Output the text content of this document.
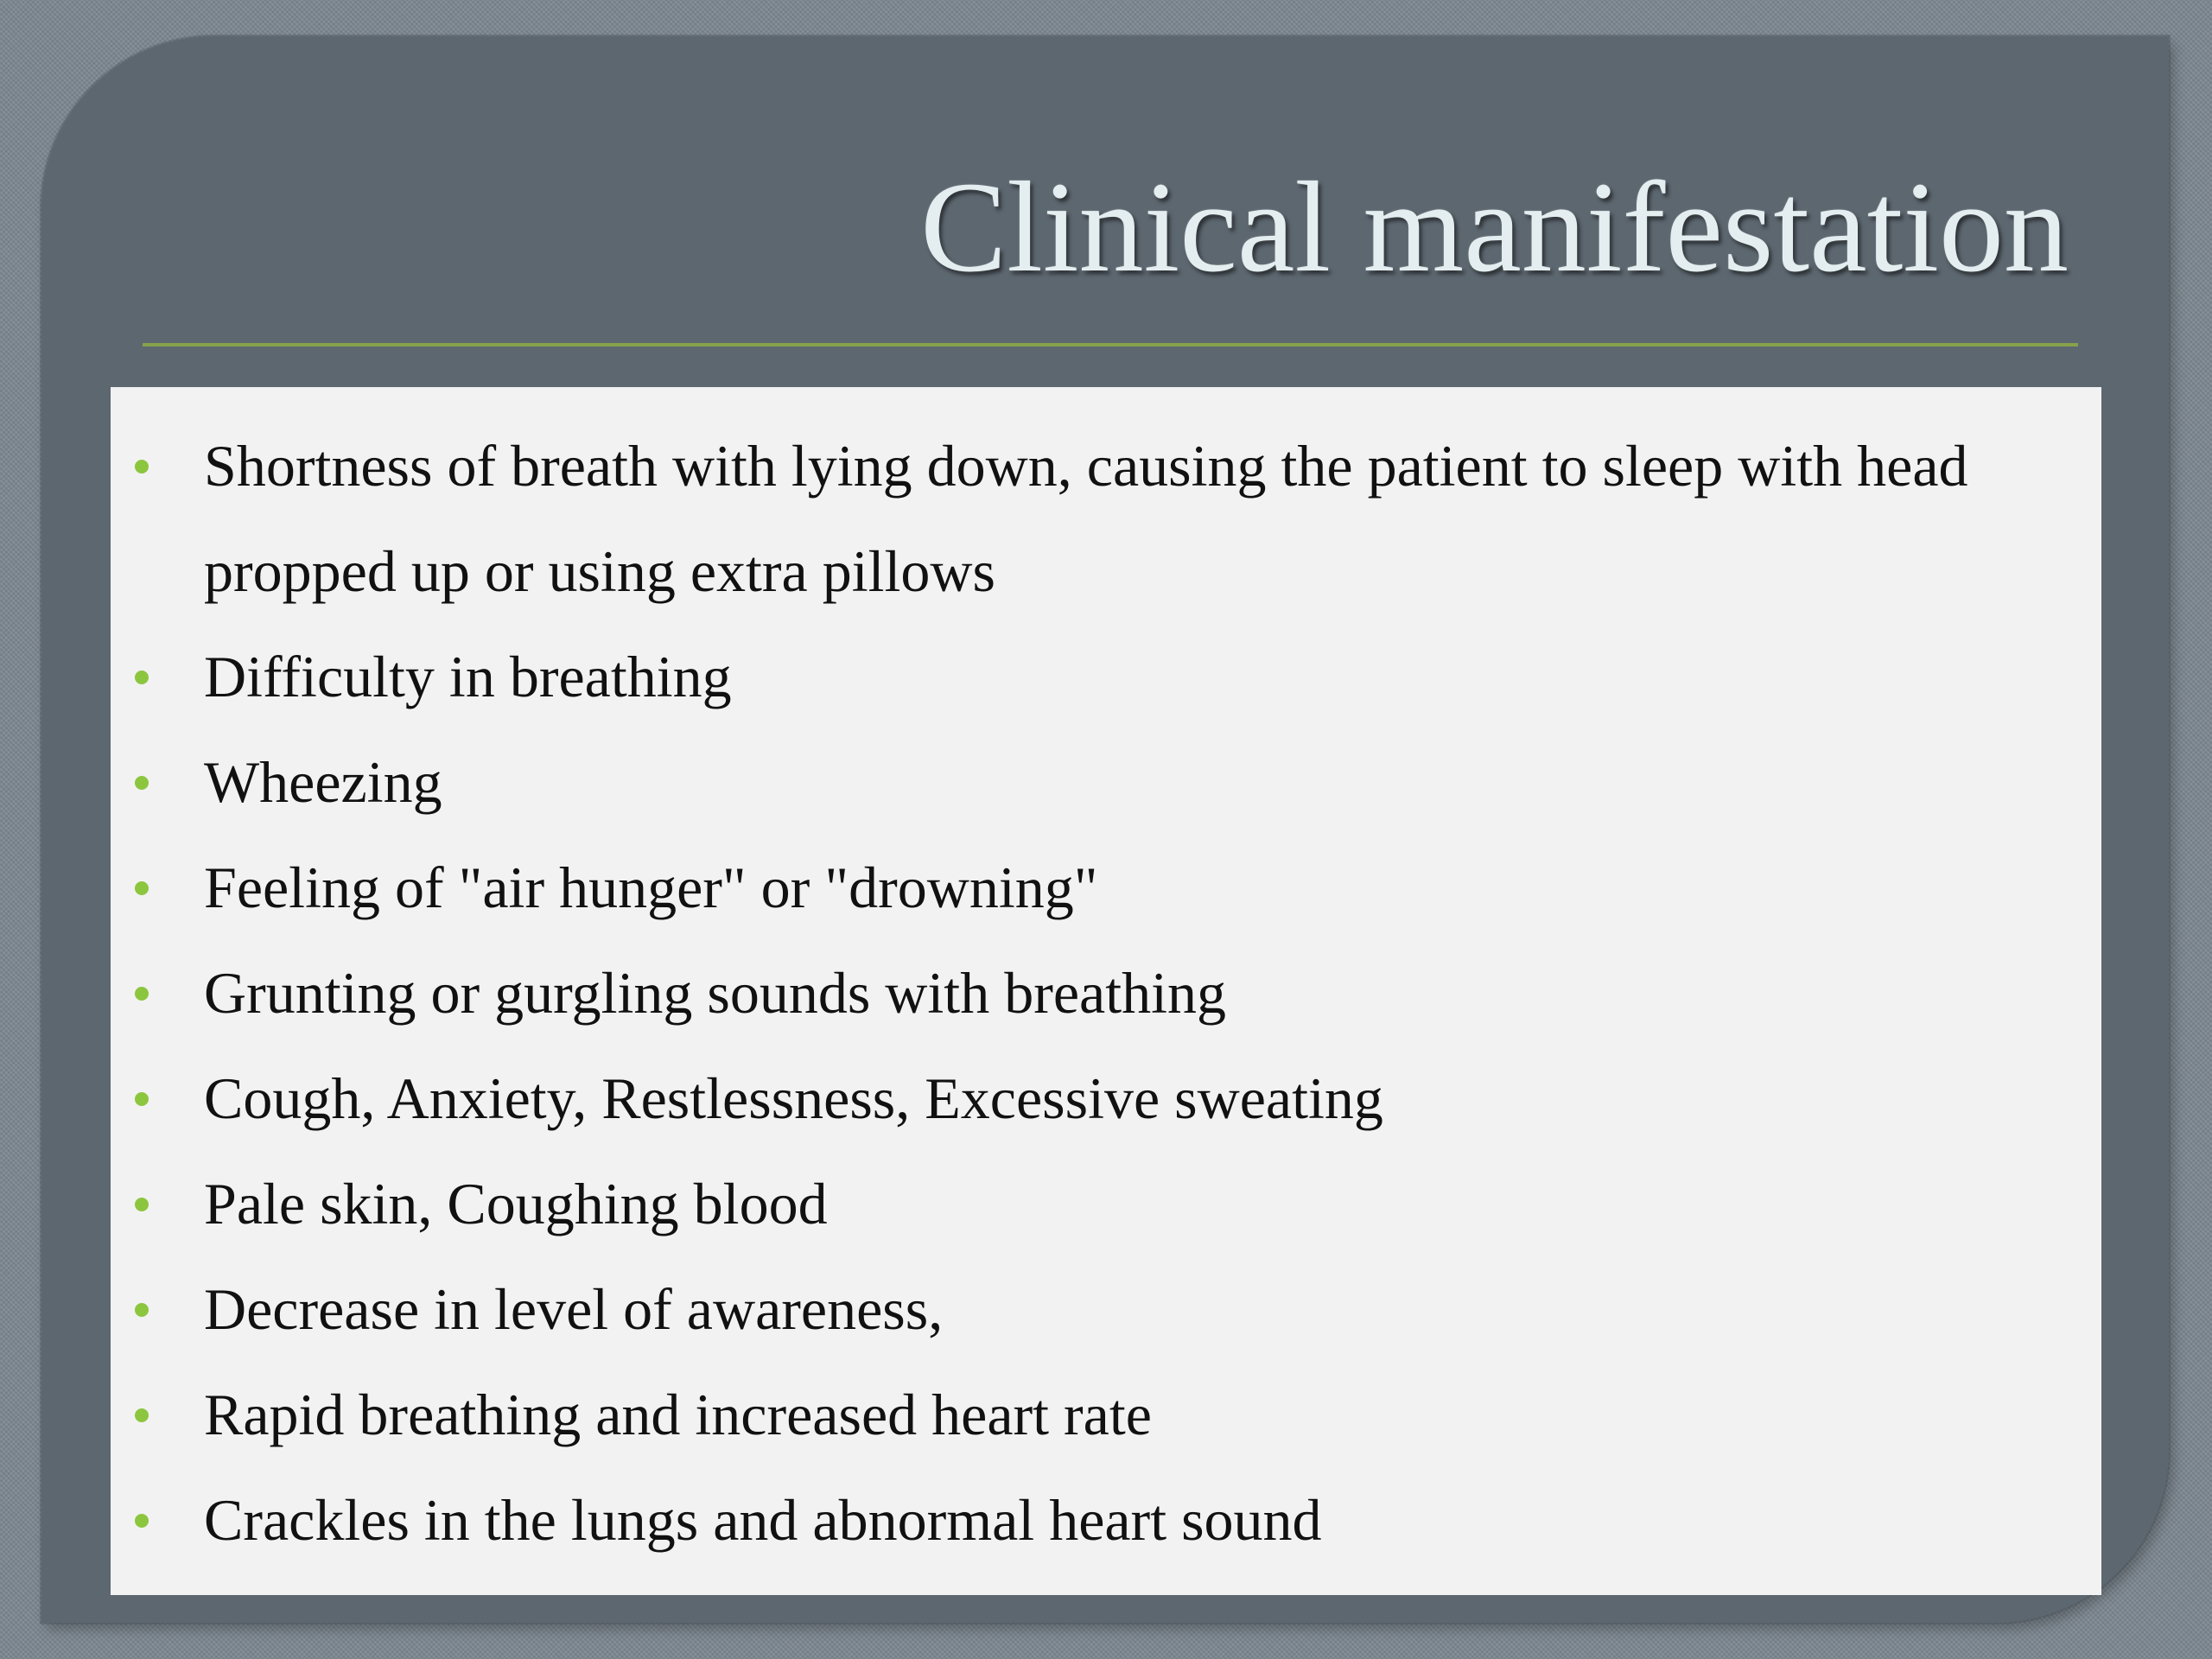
Clinical manifestation
Shortness of breath with lying down, causing the patient to sleep with head propped up or using extra pillows
Difficulty in breathing
Wheezing
Feeling of "air hunger" or "drowning"
Grunting or gurgling sounds with breathing
Cough, Anxiety, Restlessness, Excessive sweating
Pale skin, Coughing blood
Decrease in level of awareness,
Rapid breathing and increased heart rate
Crackles in the lungs and abnormal heart sound
